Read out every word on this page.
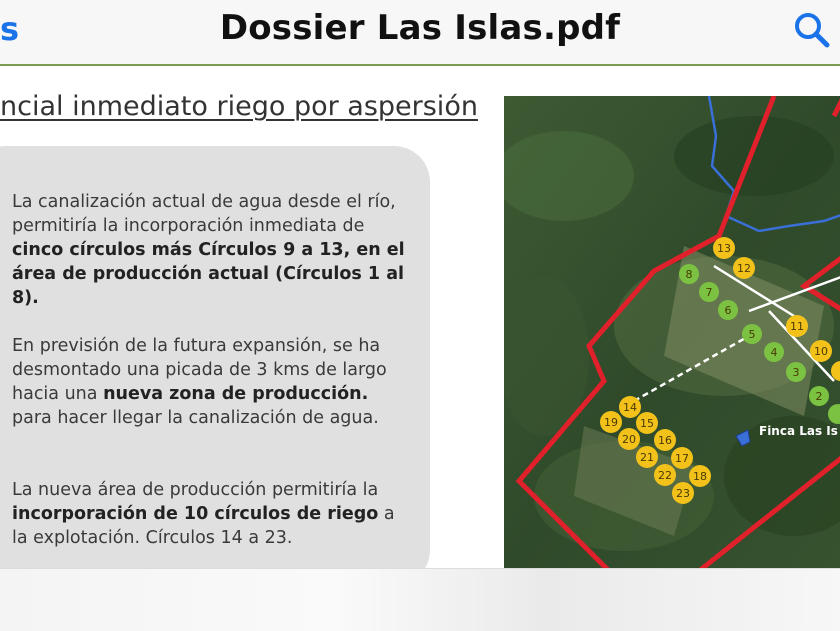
s	Dossier Las Islas.pdf
ncial inmediato riego por aspersión
La canalización actual de agua desde el río, permitiría la incorporación inmediata de cinco círculos más Círculos 9 a 13, en el área de producción actual (Círculos 1 al 8).
En previsión de la futura expansión, se ha desmontado una picada de 3 kms de largo hacia una nueva zona de producción. para hacer llegar la canalización de agua.
La nueva área de producción permitiría la incorporación de 10 círculos de riego a la explotación. Círculos 14 a 23.
8
7
6
5
4
3
2
13
12
11
10
14
15
19
16
20
17
21
18
22
23
Finca Las Is
